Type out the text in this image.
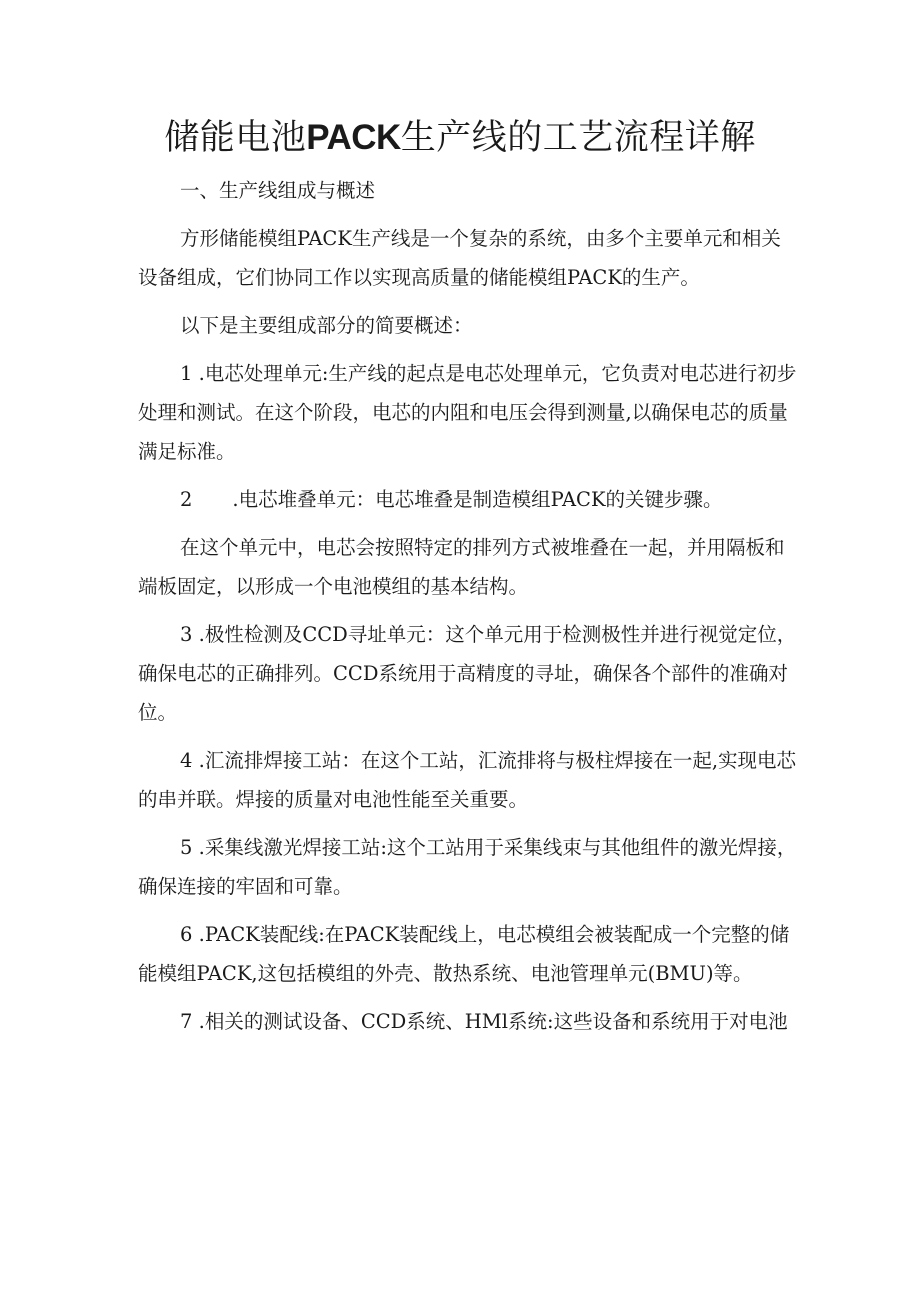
储能电池PACK生产线的工艺流程详解

一、生产线组成与概述

方形储能模组PACK生产线是一个复杂的系统，由多个主要单元和相关设备组成，它们协同工作以实现高质量的储能模组PACK的生产。

以下是主要组成部分的简要概述：

1 .电芯处理单元:生产线的起点是电芯处理单元，它负责对电芯进行初步处理和测试。在这个阶段，电芯的内阻和电压会得到测量,以确保电芯的质量满足标准。

2 .电芯堆叠单元：电芯堆叠是制造模组PACK的关键步骤。

在这个单元中，电芯会按照特定的排列方式被堆叠在一起，并用隔板和端板固定，以形成一个电池模组的基本结构。

3 .极性检测及CCD寻址单元：这个单元用于检测极性并进行视觉定位，确保电芯的正确排列。CCD系统用于高精度的寻址，确保各个部件的准确对位。

4 .汇流排焊接工站：在这个工站，汇流排将与极柱焊接在一起,实现电芯的串并联。焊接的质量对电池性能至关重要。

5 .采集线激光焊接工站:这个工站用于采集线束与其他组件的激光焊接，确保连接的牢固和可靠。

6 .PACK装配线:在PACK装配线上，电芯模组会被装配成一个完整的储能模组PACK,这包括模组的外壳、散热系统、电池管理单元(BMU)等。

7 .相关的测试设备、CCD系统、HMl系统:这些设备和系统用于对电池
